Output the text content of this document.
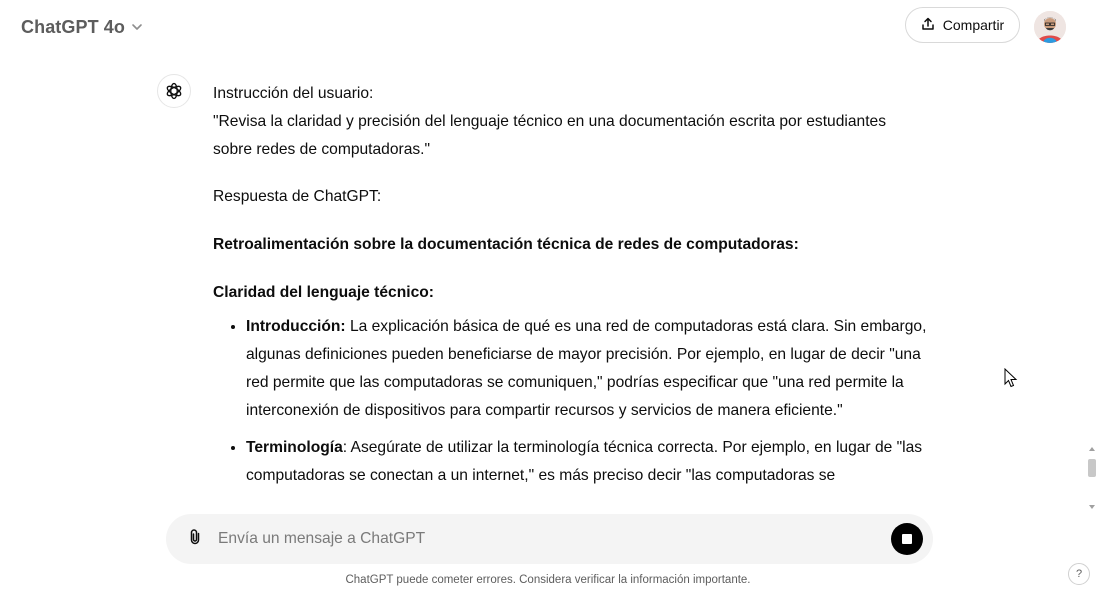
ChatGPT 4o	Compartir

Instrucción del usuario:
"Revisa la claridad y precisión del lenguaje técnico en una documentación escrita por estudiantes sobre redes de computadoras."

Respuesta de ChatGPT:

Retroalimentación sobre la documentación técnica de redes de computadoras:

Claridad del lenguaje técnico:

• Introducción: La explicación básica de qué es una red de computadoras está clara. Sin embargo, algunas definiciones pueden beneficiarse de mayor precisión. Por ejemplo, en lugar de decir "una red permite que las computadoras se comuniquen," podrías especificar que "una red permite la interconexión de dispositivos para compartir recursos y servicios de manera eficiente."
• Terminología: Asegúrate de utilizar la terminología técnica correcta. Por ejemplo, en lugar de "las computadoras se conectan a un internet," es más preciso decir "las computadoras se
Envía un mensaje a ChatGPT
ChatGPT puede cometer errores. Considera verificar la información importante.	?
